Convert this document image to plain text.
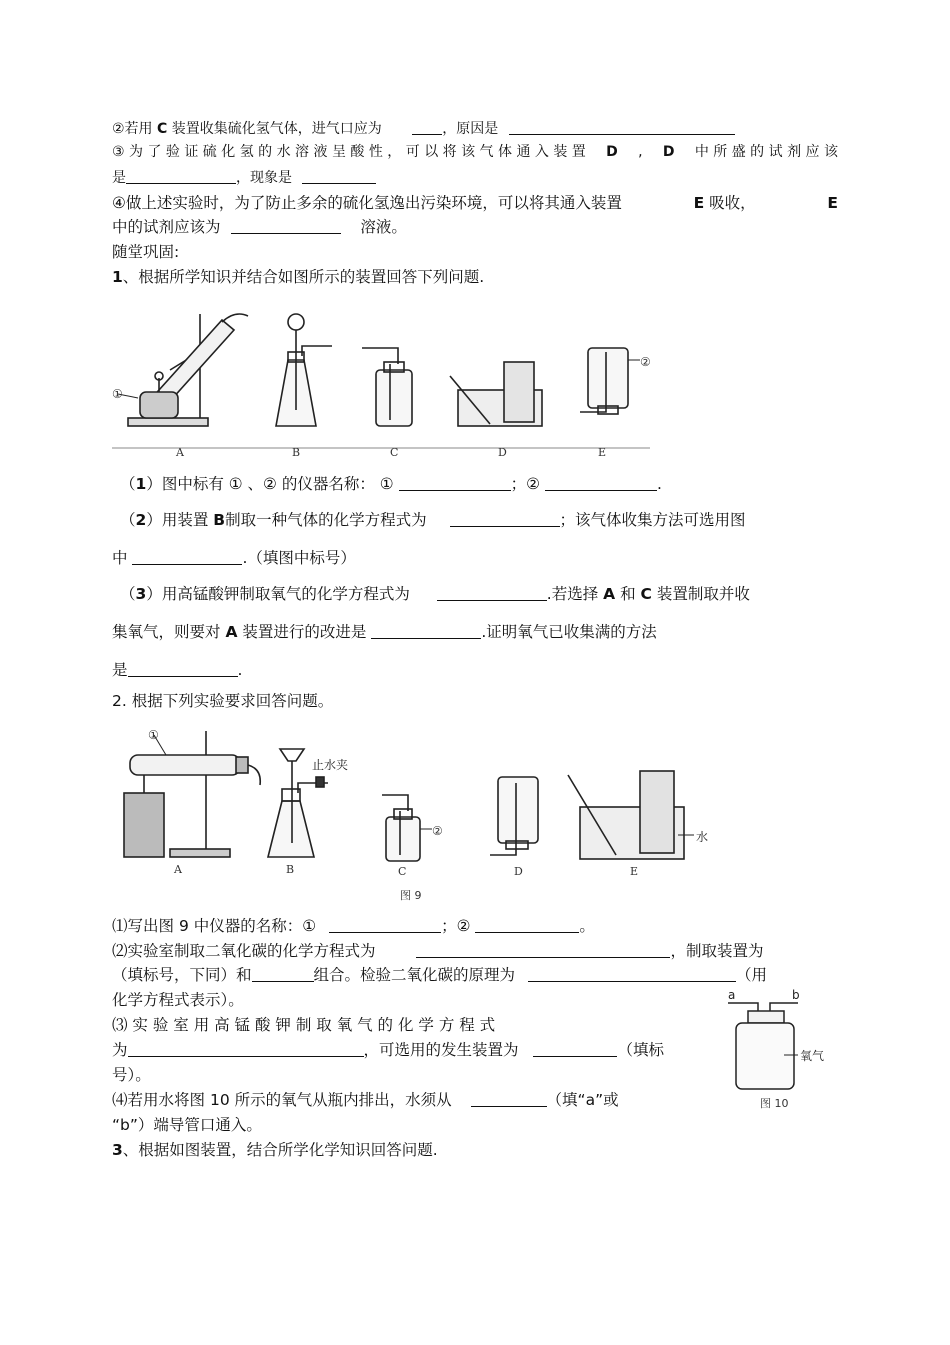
②若用 C 装置收集硫化氢气体，进气口应为	，原因是
③ 为 了 验 证 硫 化 氢 的 水 溶 液 呈 酸 性 ， 可 以 将 该 气 体 通 入 装 置 D , D 中 所 盛 的 试 剂 应 该
是	，现象是
④做上述实验时，为了防止多余的硫化氢逸出污染环境，可以将其通入装置	E 吸收，	E
中的试剂应该为	溶液。
随堂巩固:
1、根据所学知识并结合如图所示的装置回答下列问题.
A
①
B	C	D	E
②
（1）图中标有 ① 、② 的仪器名称： ①	；②	.
（2）用装置 B制取一种气体的化学方程式为	；该气体收集方法可选用图
中	.（填图中标号）
（3）用高锰酸钾制取氧气的化学方程式为	.若选择 A 和 C 装置制取并收
集氧气，则要对 A 装置进行的改进是	.证明氧气已收集满的方法
是	.
2. 根据下列实验要求回答问题。
A
①
B
止水夹
C
②
D	E
水
图 9
⑴写出图 9 中仪器的名称：①	；②	。
⑵实验室制取二氧化碳的化学方程式为	，制取装置为
（填标号，下同）和	组合。检验二氧化碳的原理为	（用
化学方程式表示）。
⑶ 实 验 室 用 高 锰 酸 钾 制 取 氧 气 的 化 学 方 程 式
为	，可选用的发生装置为	（填标
号）。
⑷若用水将图 10 所示的氧气从瓶内排出，水须从	（填“a”或
“b”）端导管口通入。
a	b
氧气
图 10
3、根据如图装置，结合所学化学知识回答问题.
